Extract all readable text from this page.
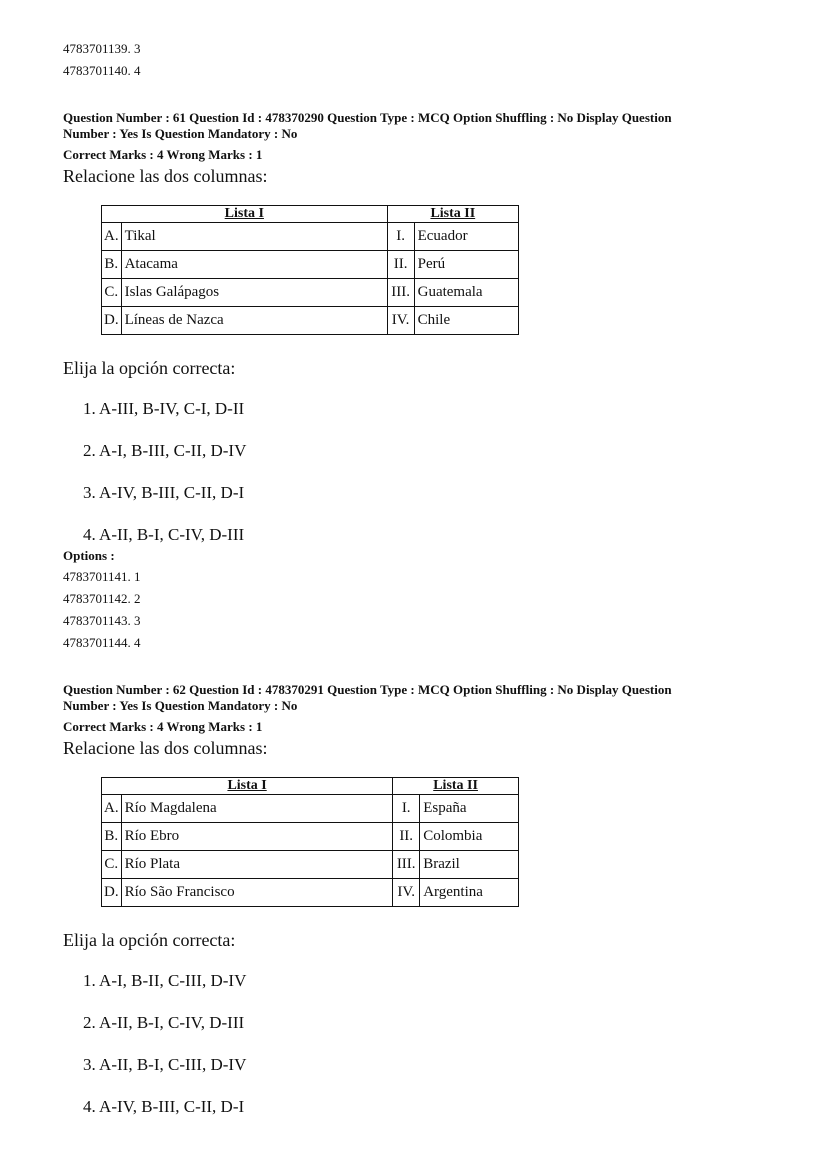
4783701139. 3
4783701140. 4
Question Number : 61 Question Id : 478370290 Question Type : MCQ Option Shuffling : No Display Question
Number : Yes Is Question Mandatory : No
Correct Marks : 4 Wrong Marks : 1
Relacione las dos columnas:
Lista I		Lista II	
A.	Tikal	I.	Ecuador
B.	Atacama	II.	Perú
C.	Islas Galápagos	III.	Guatemala
D.	Líneas de Nazca	IV.	Chile
Elija la opción correcta:
1. A-III, B-IV, C-I, D-II
2. A-I, B-III, C-II, D-IV
3. A-IV, B-III, C-II, D-I
4. A-II, B-I, C-IV, D-III
Options :
4783701141. 1
4783701142. 2
4783701143. 3
4783701144. 4
Question Number : 62 Question Id : 478370291 Question Type : MCQ Option Shuffling : No Display Question
Number : Yes Is Question Mandatory : No
Correct Marks : 4 Wrong Marks : 1
Relacione las dos columnas:
Lista I		Lista II	
A.	Río Magdalena	I.	España
B.	Río Ebro	II.	Colombia
C.	Río Plata	III.	Brazil
D.	Río São Francisco	IV.	Argentina
Elija la opción correcta:
1. A-I, B-II, C-III, D-IV
2. A-II, B-I, C-IV, D-III
3. A-II, B-I, C-III, D-IV
4. A-IV, B-III, C-II, D-I
